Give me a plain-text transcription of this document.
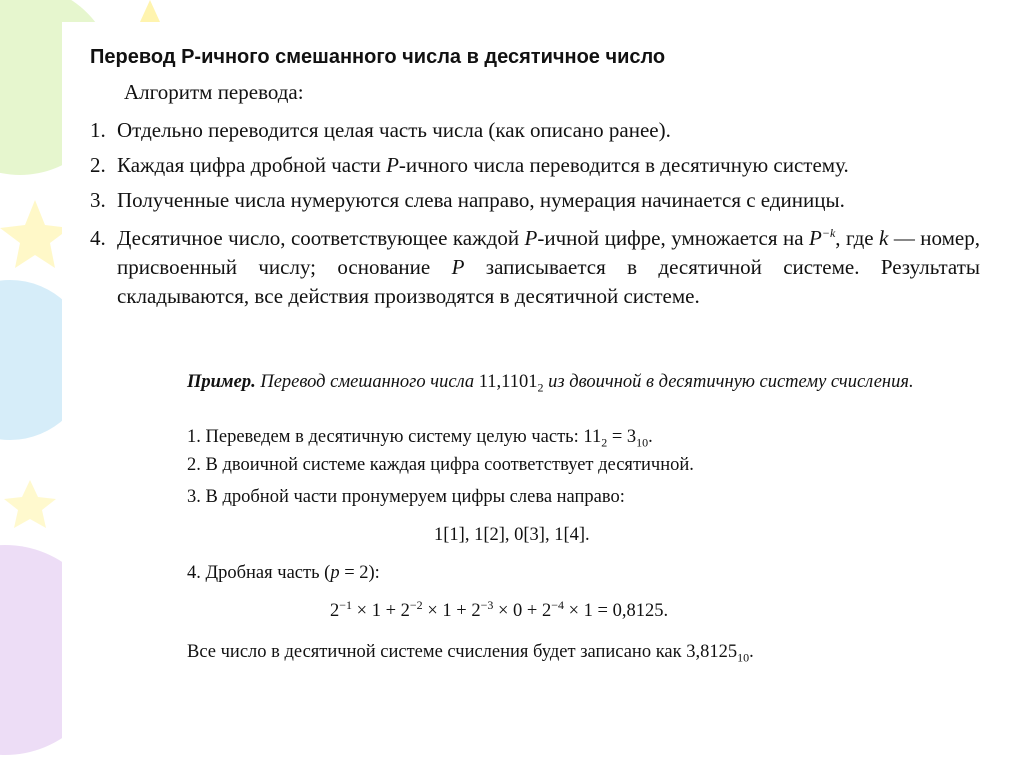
Перевод P-ичного смешанного числа в десятичное число
Алгоритм перевода:
1. Отдельно переводится целая часть числа (как описано ранее).
2. Каждая цифра дробной части P-ичного числа переводится в десятичную систему.
3. Полученные числа нумеруются слева направо, нумерация начинается с единицы.
4. Десятичное число, соответствующее каждой P-ичной цифре, умножается на $P^{-k}$, где k — номер, присвоенный числу; основание P записывается в десятичной системе. Результаты складываются, все действия производятся в десятичной системе.
Пример. Перевод смешанного числа $11,1101_2$ из двоичной в десятичную систему счисления.
1. Переведем в десятичную систему целую часть: $11_2 = 3_{10}$.
2. В двоичной системе каждая цифра соответствует десятичной.
3. В дробной части пронумеруем цифры слева направо:
1[1], 1[2], 0[3], 1[4].
4. Дробная часть (p = 2):
$2^{-1} \times 1 + 2^{-2} \times 1 + 2^{-3} \times 0 + 2^{-4} \times 1 = 0,8125$.
Все число в десятичной системе счисления будет записано как $3,8125_{10}$.
